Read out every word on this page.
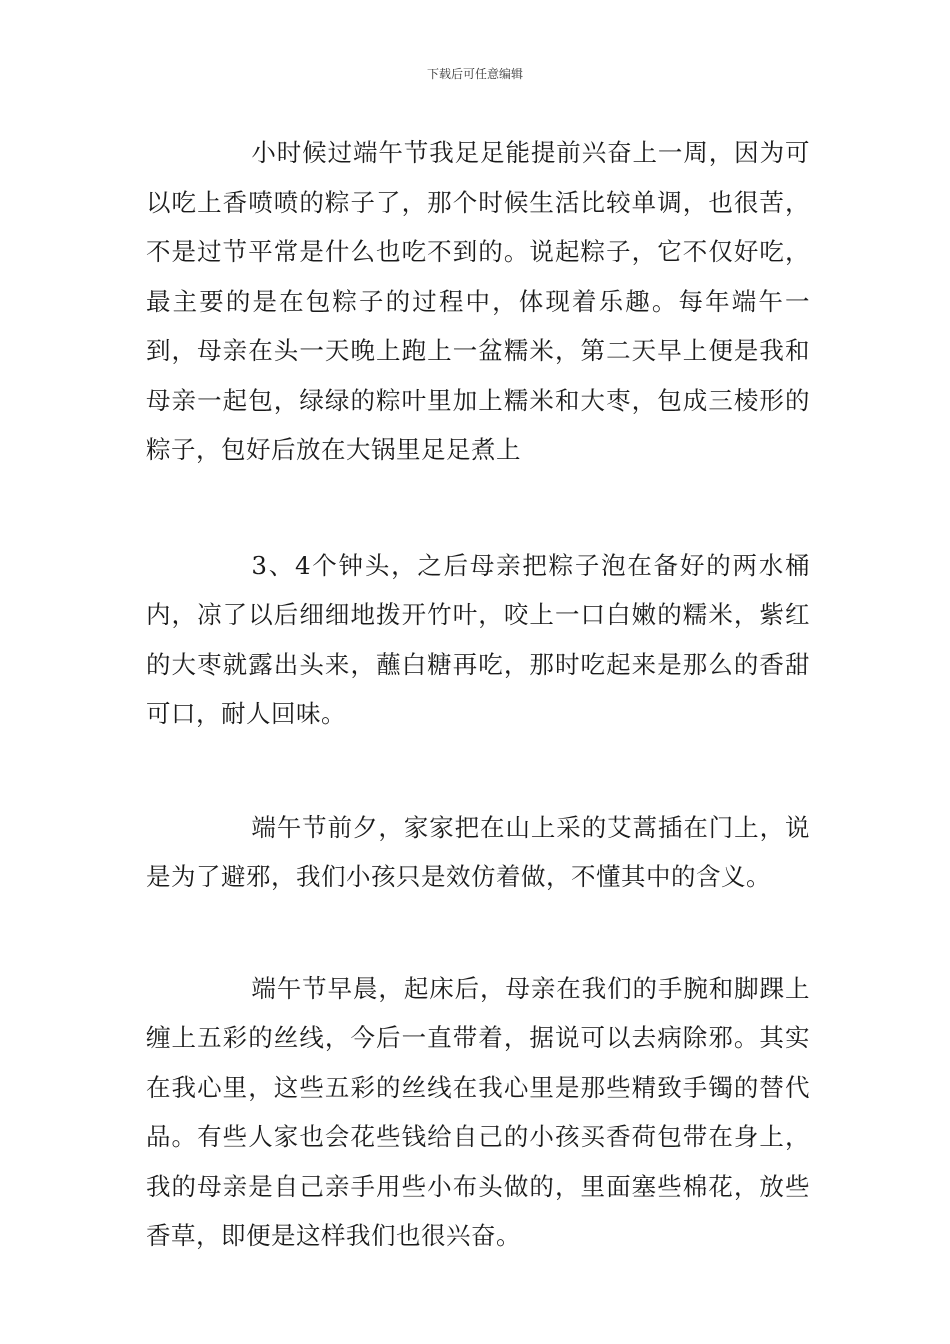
下载后可任意编辑

小时候过端午节我足足能提前兴奋上一周，因为可以吃上香喷喷的粽子了，那个时候生活比较单调，也很苦，不是过节平常是什么也吃不到的。说起粽子，它不仅好吃，最主要的是在包粽子的过程中，体现着乐趣。每年端午一到，母亲在头一天晚上跑上一盆糯米，第二天早上便是我和母亲一起包，绿绿的粽叶里加上糯米和大枣，包成三棱形的粽子，包好后放在大锅里足足煮上

3、4个钟头，之后母亲把粽子泡在备好的两水桶内，凉了以后细细地拨开竹叶，咬上一口白嫩的糯米，紫红的大枣就露出头来，蘸白糖再吃，那时吃起来是那么的香甜可口，耐人回味。

端午节前夕，家家把在山上采的艾蒿插在门上，说是为了避邪，我们小孩只是效仿着做，不懂其中的含义。

端午节早晨，起床后，母亲在我们的手腕和脚踝上缠上五彩的丝线，今后一直带着，据说可以去病除邪。其实在我心里，这些五彩的丝线在我心里是那些精致手镯的替代品。有些人家也会花些钱给自己的小孩买香荷包带在身上，我的母亲是自己亲手用些小布头做的，里面塞些棉花，放些香草，即便是这样我们也很兴奋。
